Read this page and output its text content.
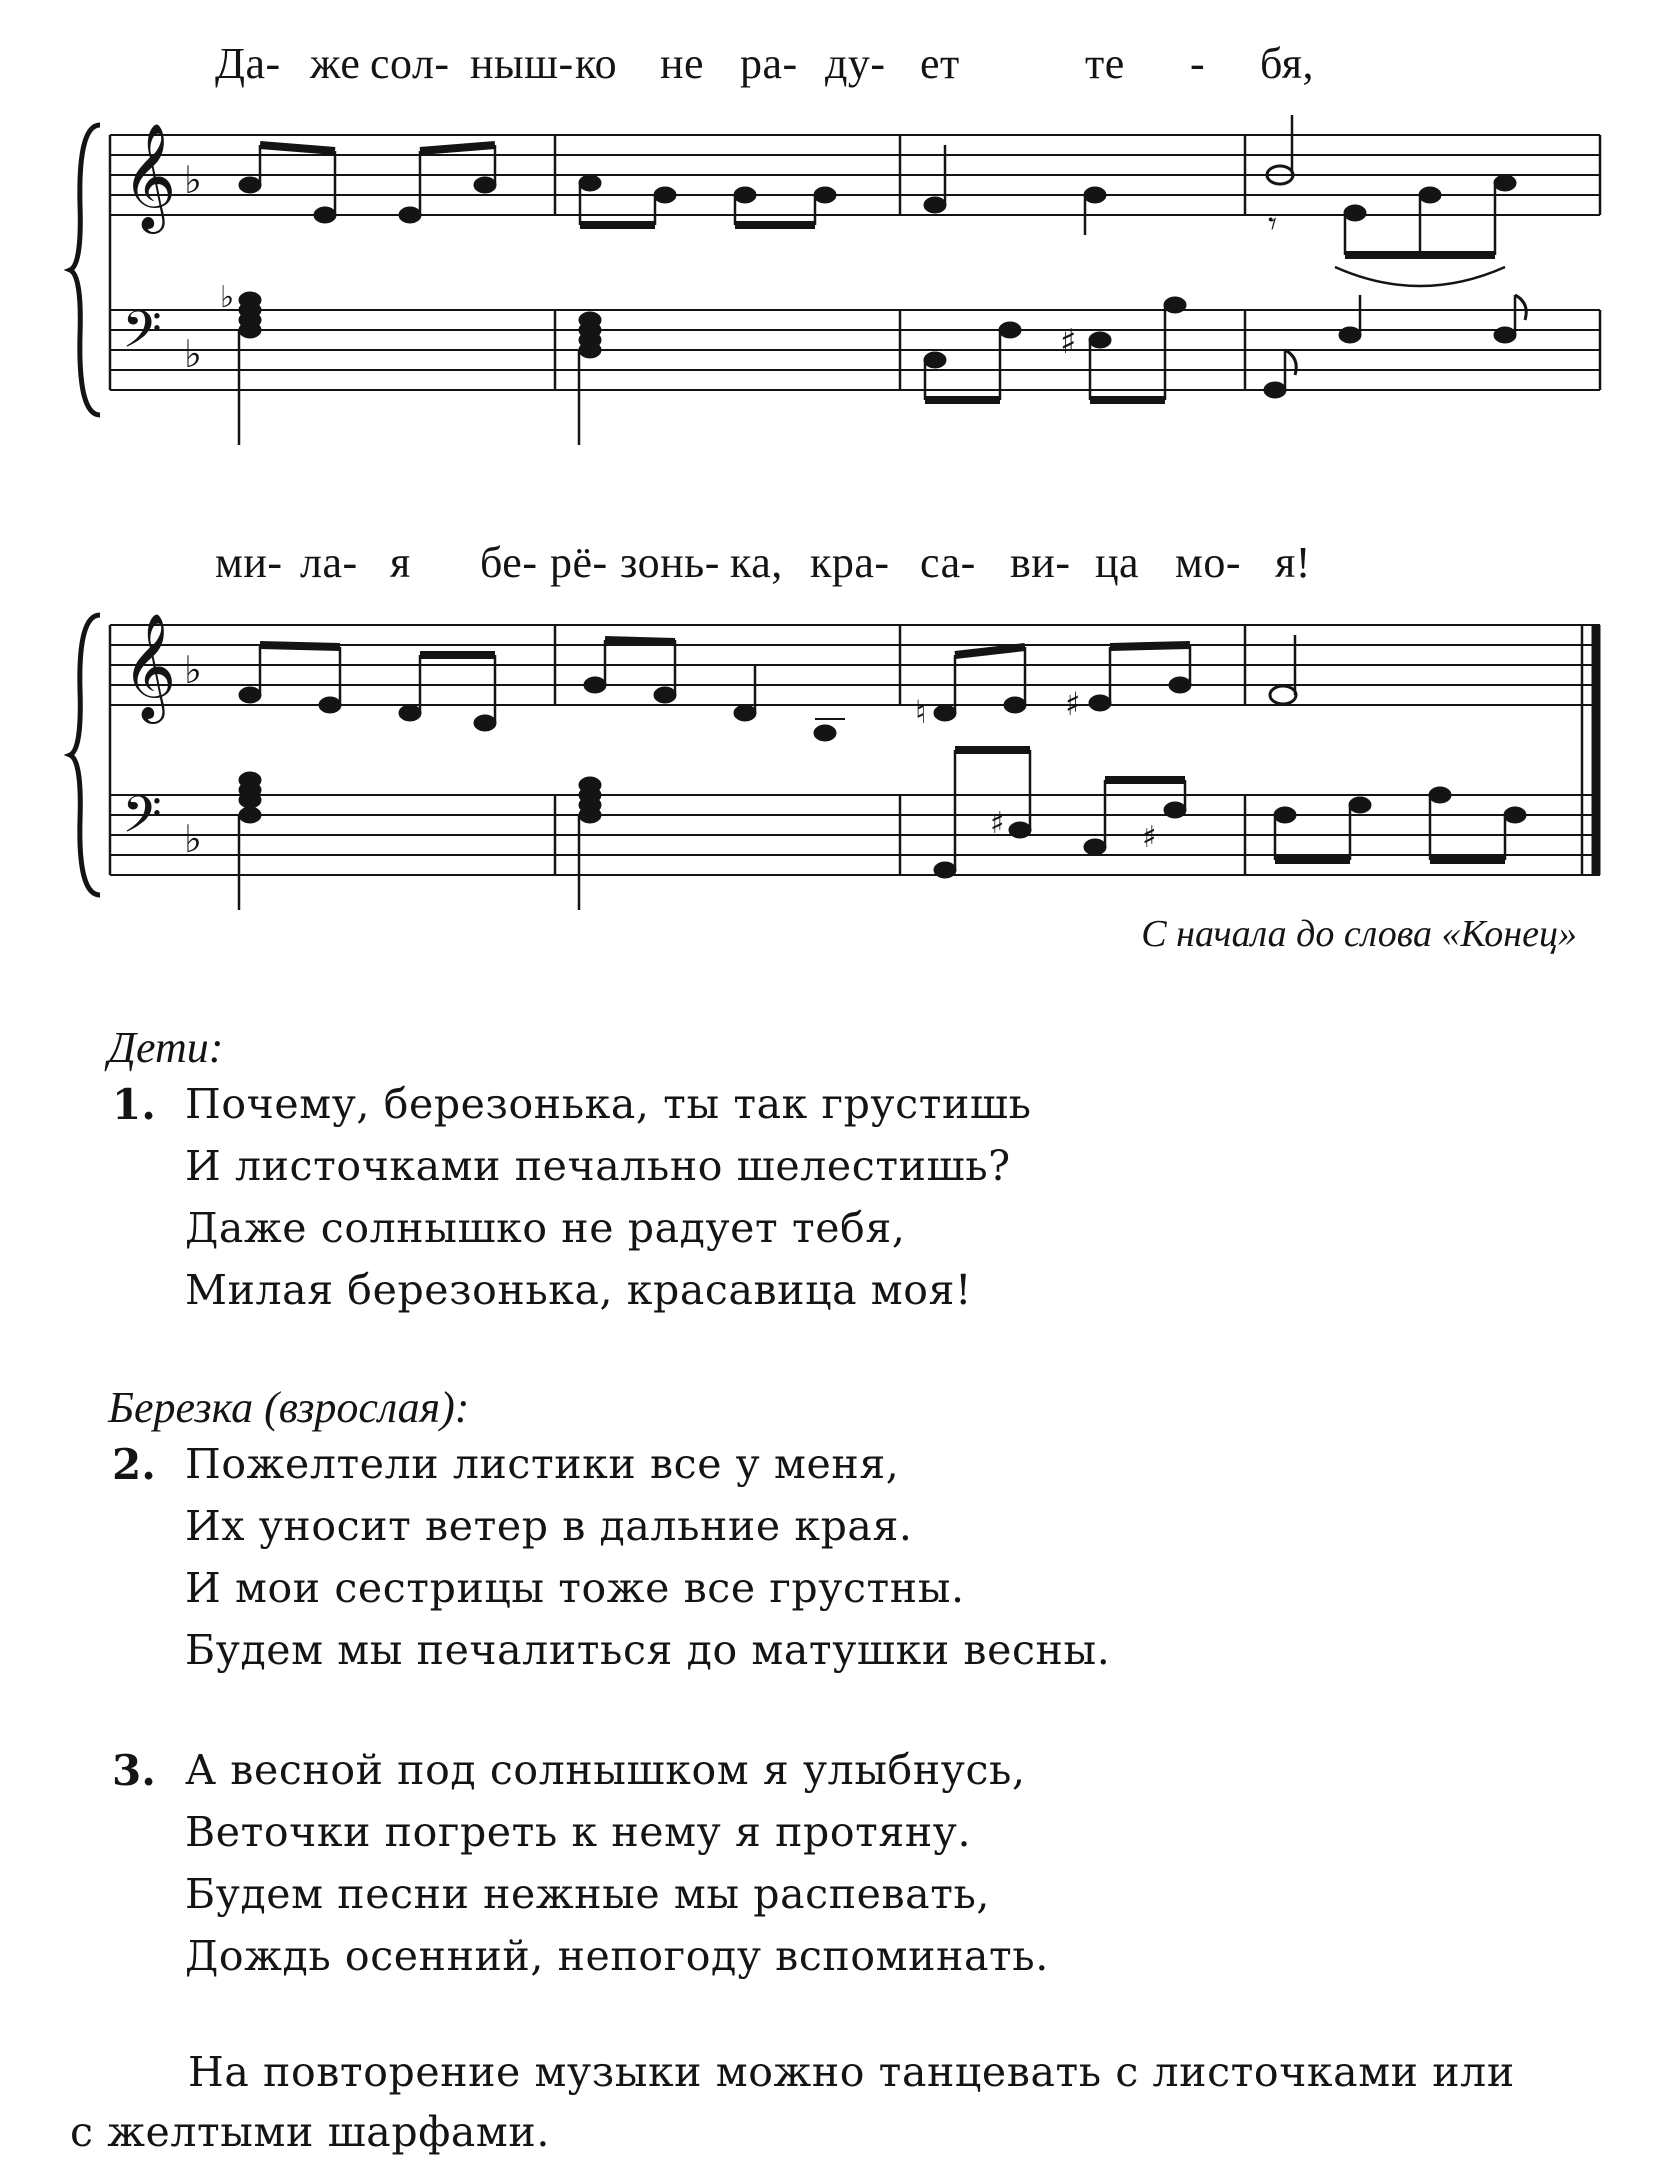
Да- же сол- ныш- ко не ра- ду- ет	те - бя,

𝄞
𝄢
♭
♭
♭
♯
𝄾

ми- ла- я бе- рё- зонь- ка, кра- са- ви- ца мо- я!

𝄞
𝄢
♭
♭
♮	♯
♯	♯

С начала до слова «Конец»

Дети:

1. Почему, березонька, ты так грустишь

И листочками печально шелестишь?

Даже солнышко не радует тебя,

Милая березонька, красавица моя!

Березка (взрослая):

2. Пожелтели листики все у меня,

Их уносит ветер в дальние края.

И мои сестрицы тоже все грустны.

Будем мы печалиться до матушки весны.

3. А весной под солнышком я улыбнусь,

Веточки погреть к нему я протяну.

Будем песни нежные мы распевать,

Дождь осенний, непогоду вспоминать.

На повторение музыки можно танцевать с листочками или

с желтыми шарфами.
